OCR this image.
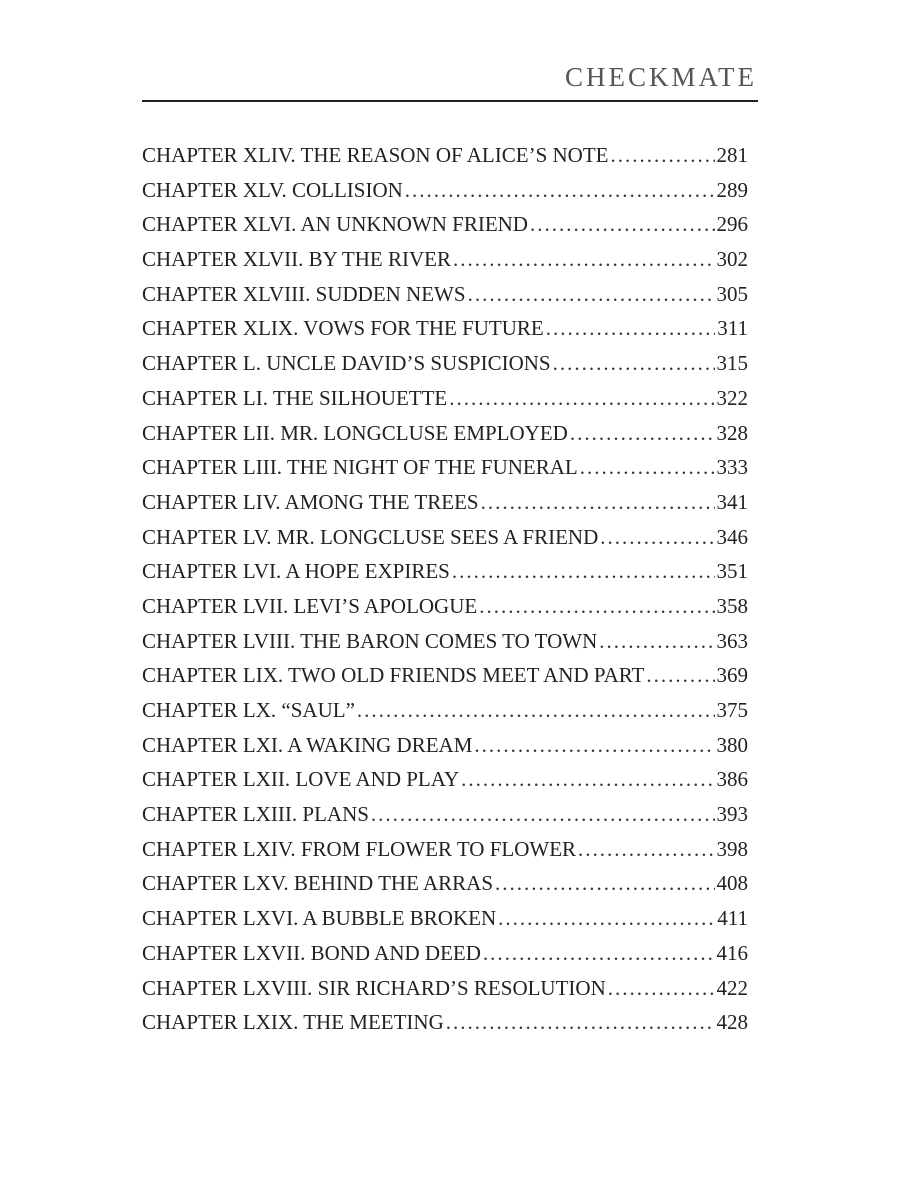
CHECKMATE
CHAPTER XLIV. THE REASON OF ALICE’S NOTE .....	281
CHAPTER XLV. COLLISION .....	289
CHAPTER XLVI. AN UNKNOWN FRIEND .....	296
CHAPTER XLVII. BY THE RIVER .....	302
CHAPTER XLVIII. SUDDEN NEWS .....	305
CHAPTER XLIX. VOWS FOR THE FUTURE .....	311
CHAPTER L. UNCLE DAVID’S SUSPICIONS .....	315
CHAPTER LI. THE SILHOUETTE .....	322
CHAPTER LII. MR. LONGCLUSE EMPLOYED .....	328
CHAPTER LIII. THE NIGHT OF THE FUNERAL .....	333
CHAPTER LIV. AMONG THE TREES .....	341
CHAPTER LV. MR. LONGCLUSE SEES A FRIEND .....	346
CHAPTER LVI. A HOPE EXPIRES .....	351
CHAPTER LVII. LEVI’S APOLOGUE .....	358
CHAPTER LVIII. THE BARON COMES TO TOWN .....	363
CHAPTER LIX. TWO OLD FRIENDS MEET AND PART .....	369
CHAPTER LX. “SAUL” .....	375
CHAPTER LXI. A WAKING DREAM .....	380
CHAPTER LXII. LOVE AND PLAY .....	386
CHAPTER LXIII. PLANS .....	393
CHAPTER LXIV. FROM FLOWER TO FLOWER .....	398
CHAPTER LXV. BEHIND THE ARRAS .....	408
CHAPTER LXVI. A BUBBLE BROKEN .....	411
CHAPTER LXVII. BOND AND DEED .....	416
CHAPTER LXVIII. SIR RICHARD’S RESOLUTION .....	422
CHAPTER LXIX. THE MEETING .....	428
